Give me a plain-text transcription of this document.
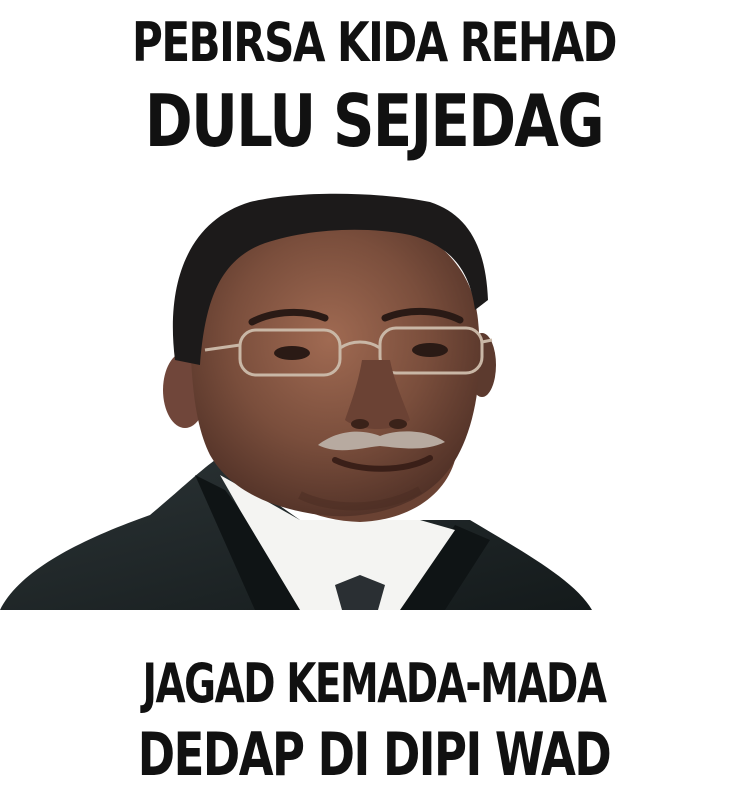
PEBIRSA KIDA REHAD
DULU SEJEDAG
JAGAD KEMADA-MADA
DEDAP DI DIPI WAD
